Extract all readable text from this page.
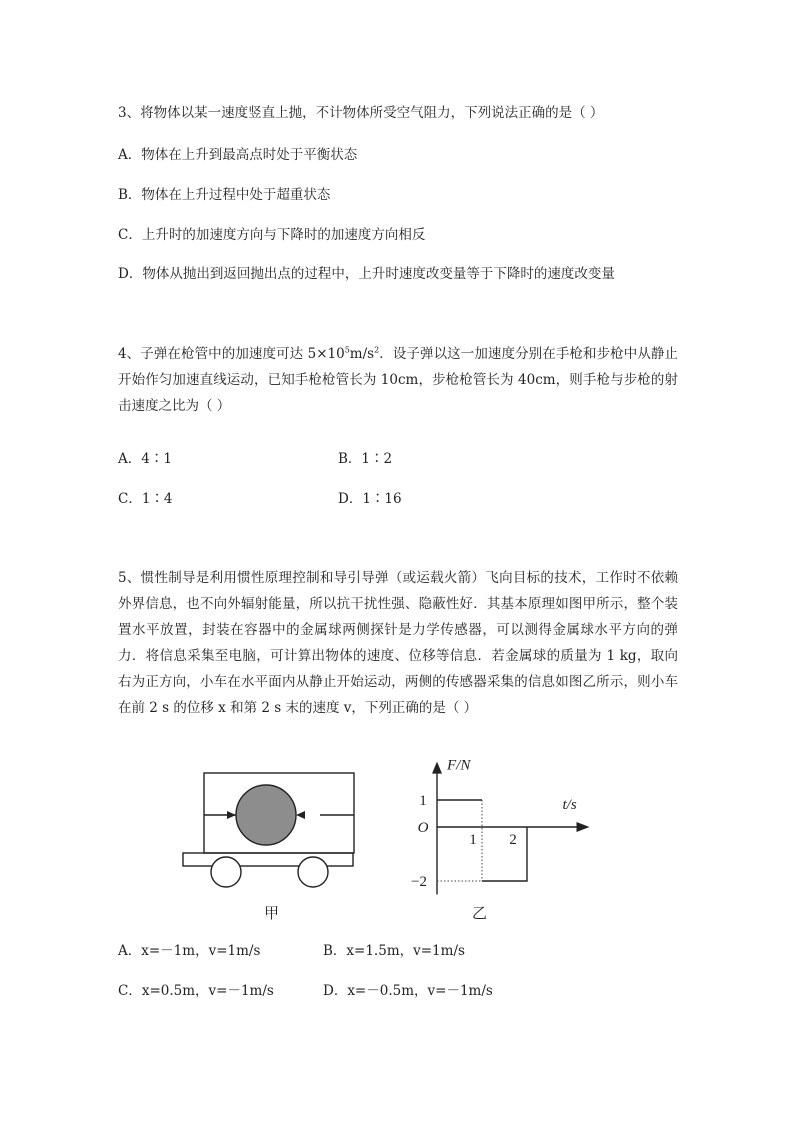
3、将物体以某一速度竖直上抛，不计物体所受空气阻力，下列说法正确的是（ ）
A．物体在上升到最高点时处于平衡状态
B．物体在上升过程中处于超重状态
C．上升时的加速度方向与下降时的加速度方向相反
D．物体从抛出到返回抛出点的过程中，上升时速度改变量等于下降时的速度改变量
4、子弹在枪管中的加速度可达 $5\times 10^5m/s^2$．设子弹以这一加速度分别在手枪和步枪中从静止开始作匀加速直线运动，已知手枪枪管长为 10cm，步枪枪管长为 40cm，则手枪与步枪的射击速度之比为（ ）
A．4∶1	B．1∶2
C．1∶4	D．1∶16
5、惯性制导是利用惯性原理控制和导引导弹（或运载火箭）飞向目标的技术，工作时不依赖外界信息，也不向外辐射能量，所以抗干扰性强、隐蔽性好．其基本原理如图甲所示，整个装置水平放置，封装在容器中的金属球两侧探针是力学传感器，可以测得金属球水平方向的弹力．将信息采集至电脑，可计算出物体的速度、位移等信息．若金属球的质量为 1 kg，取向右为正方向，小车在水平面内从静止开始运动，两侧的传感器采集的信息如图乙所示，则小车在前 2 s 的位移 x 和第 2 s 末的速度 v，下列正确的是（ ）
甲
F/N
t/s
O
1
−2
1 2
乙
A．x=－1m，v=1m/s	B．x=1.5m，v=1m/s
C．x=0.5m，v=－1m/s	D．x=－0.5m，v=－1m/s
